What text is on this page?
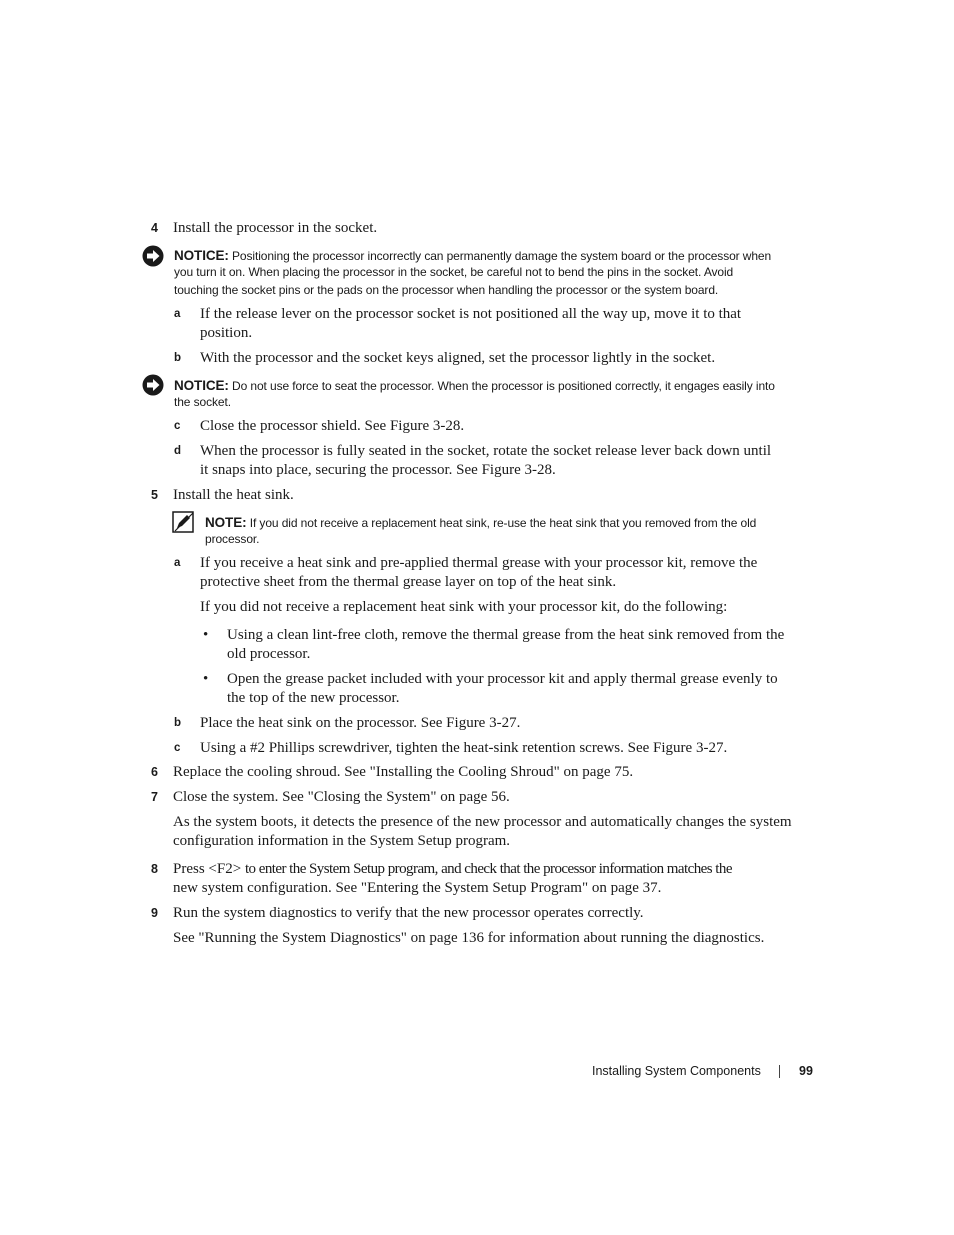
4 Install the processor in the socket.
NOTICE: Positioning the processor incorrectly can permanently damage the system board or the processor when
you turn it on. When placing the processor in the socket, be careful not to bend the pins in the socket. Avoid
touching the socket pins or the pads on the processor when handling the processor or the system board.
a If the release lever on the processor socket is not positioned all the way up, move it to that
position.
b With the processor and the socket keys aligned, set the processor lightly in the socket.
NOTICE: Do not use force to seat the processor. When the processor is positioned correctly, it engages easily into
the socket.
c Close the processor shield. See Figure 3-28.
d When the processor is fully seated in the socket, rotate the socket release lever back down until
it snaps into place, securing the processor. See Figure 3-28.
5 Install the heat sink.
NOTE: If you did not receive a replacement heat sink, re-use the heat sink that you removed from the old
processor.
a If you receive a heat sink and pre-applied thermal grease with your processor kit, remove the
protective sheet from the thermal grease layer on top of the heat sink.
If you did not receive a replacement heat sink with your processor kit, do the following:
• Using a clean lint-free cloth, remove the thermal grease from the heat sink removed from the
old processor.
• Open the grease packet included with your processor kit and apply thermal grease evenly to
the top of the new processor.
b Place the heat sink on the processor. See Figure 3-27.
c Using a #2 Phillips screwdriver, tighten the heat-sink retention screws. See Figure 3-27.
6 Replace the cooling shroud. See "Installing the Cooling Shroud" on page 75.
7 Close the system. See "Closing the System" on page 56.
As the system boots, it detects the presence of the new processor and automatically changes the system
configuration information in the System Setup program.
8 Press <F2> to enter the System Setup program, and check that the processor information matches the
new system configuration. See "Entering the System Setup Program" on page 37.
9 Run the system diagnostics to verify that the new processor operates correctly.
See "Running the System Diagnostics" on page 136 for information about running the diagnostics.
Installing System Components	99
